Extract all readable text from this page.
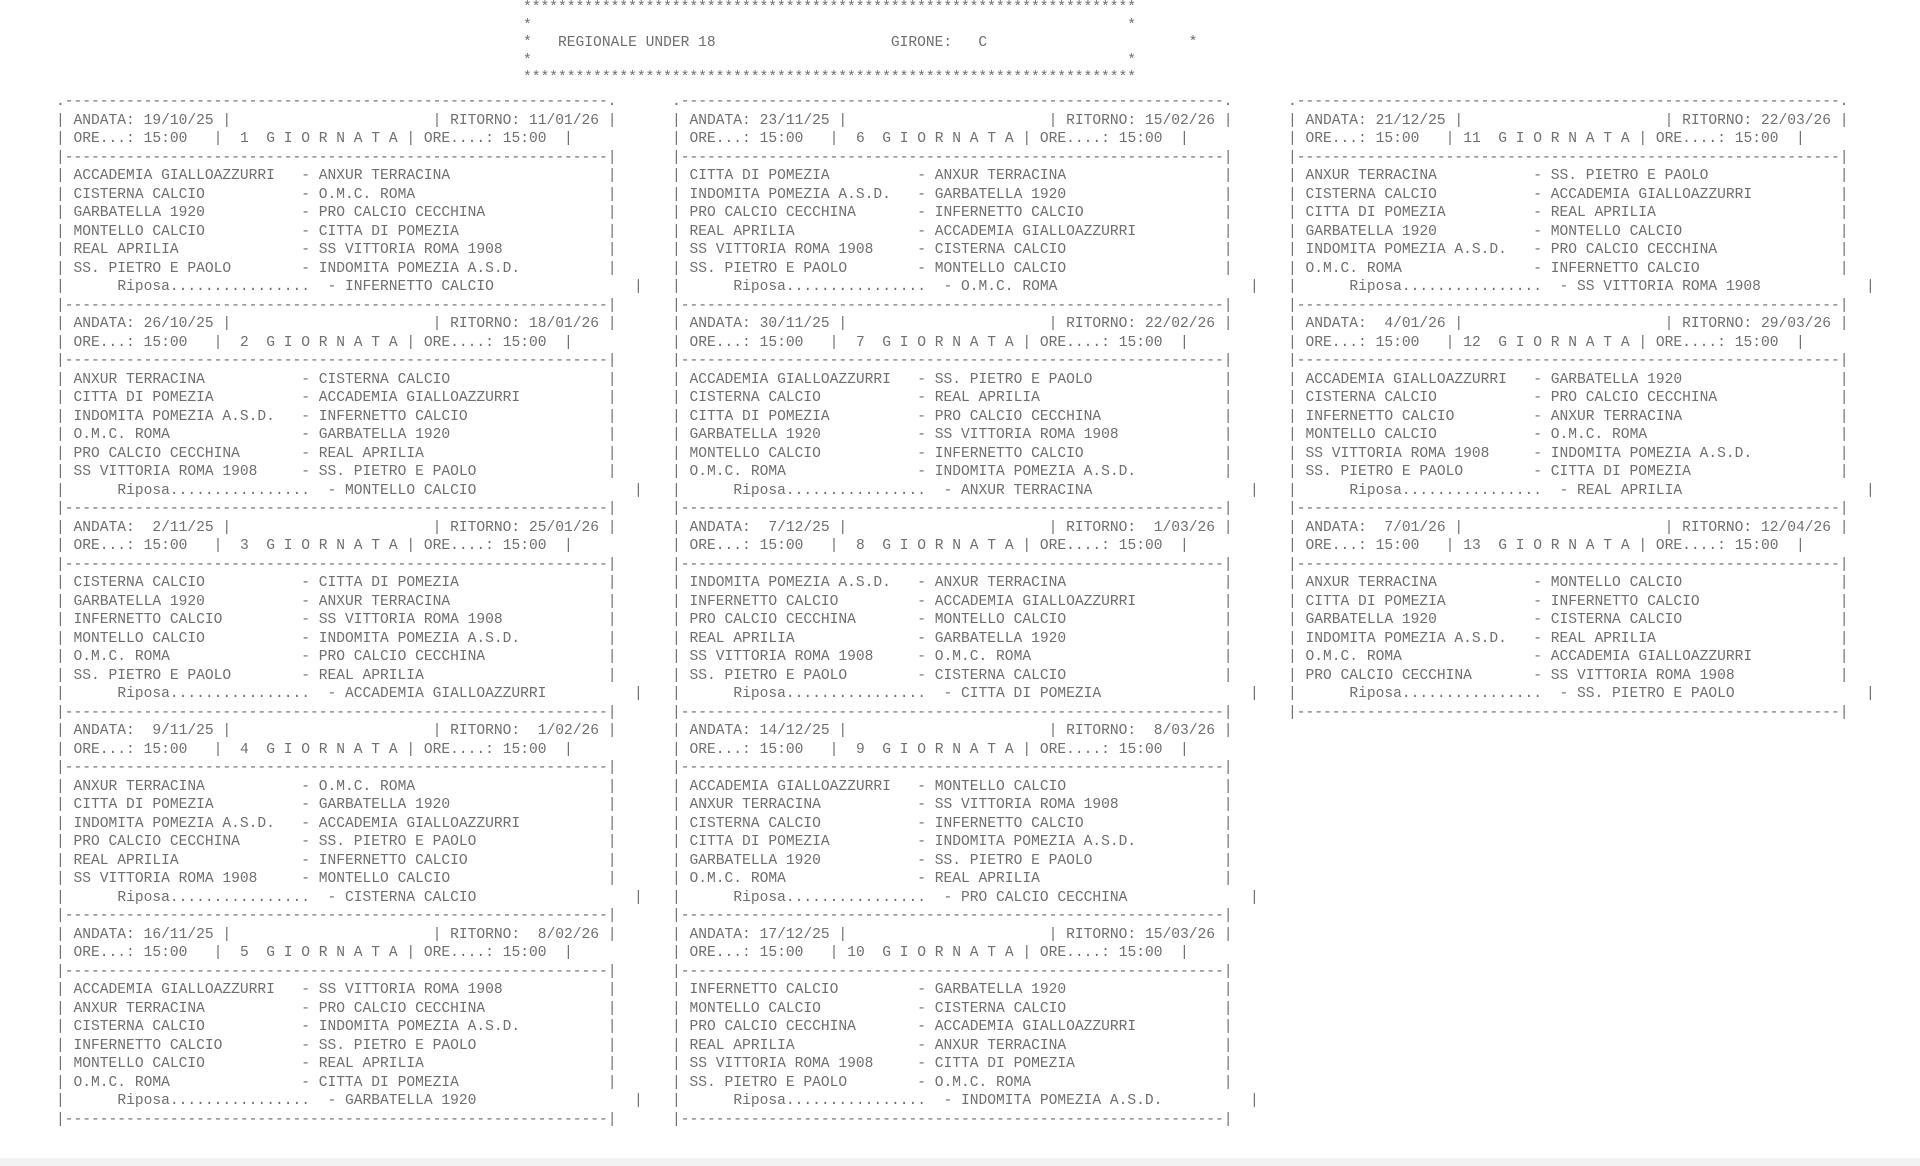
**********************************************************************
*                                                                    *
*   REGIONALE UNDER 18	GIRONE: C                       *
*                                                                    *
**********************************************************************
.--------------------------------------------------------------.
| ANDATA: 19/10/25 |                       | RITORNO: 11/01/26 |
| ORE...: 15:00   |  1 G I O R N A T A | ORE....: 15:00  |
|--------------------------------------------------------------|
| ACCADEMIA GIALLOAZZURRI   - ANXUR TERRACINA                  |
| CISTERNA CALCIO           - O.M.C. ROMA                      |
| GARBATELLA 1920           - PRO CALCIO CECCHINA              |
| MONTELLO CALCIO           - CITTA DI POMEZIA                 |
| REAL APRILIA              - SS VITTORIA ROMA 1908            |
| SS. PIETRO E PAOLO        - INDOMITA POMEZIA A.S.D.          |
|      Riposa................  - INFERNETTO CALCIO                |
|--------------------------------------------------------------|
| ANDATA: 26/10/25 |                       | RITORNO: 18/01/26 |
| ORE...: 15:00   |  2 G I O R N A T A | ORE....: 15:00  |
|--------------------------------------------------------------|
| ANXUR TERRACINA           - CISTERNA CALCIO                  |
| CITTA DI POMEZIA          - ACCADEMIA GIALLOAZZURRI          |
| INDOMITA POMEZIA A.S.D.   - INFERNETTO CALCIO                |
| O.M.C. ROMA               - GARBATELLA 1920                  |
| PRO CALCIO CECCHINA       - REAL APRILIA                     |
| SS VITTORIA ROMA 1908     - SS. PIETRO E PAOLO               |
|      Riposa................  - MONTELLO CALCIO                  |
|--------------------------------------------------------------|
| ANDATA:  2/11/25 |                       | RITORNO: 25/01/26 |
| ORE...: 15:00   |  3 G I O R N A T A | ORE....: 15:00  |
|--------------------------------------------------------------|
| CISTERNA CALCIO           - CITTA DI POMEZIA                 |
| GARBATELLA 1920           - ANXUR TERRACINA                  |
| INFERNETTO CALCIO         - SS VITTORIA ROMA 1908            |
| MONTELLO CALCIO           - INDOMITA POMEZIA A.S.D.          |
| O.M.C. ROMA               - PRO CALCIO CECCHINA              |
| SS. PIETRO E PAOLO        - REAL APRILIA                     |
|      Riposa................  - ACCADEMIA GIALLOAZZURRI          |
|--------------------------------------------------------------|
| ANDATA:  9/11/25 |                       | RITORNO:  1/02/26 |
| ORE...: 15:00   |  4 G I O R N A T A | ORE....: 15:00  |
|--------------------------------------------------------------|
| ANXUR TERRACINA           - O.M.C. ROMA                      |
| CITTA DI POMEZIA          - GARBATELLA 1920                  |
| INDOMITA POMEZIA A.S.D.   - ACCADEMIA GIALLOAZZURRI          |
| PRO CALCIO CECCHINA       - SS. PIETRO E PAOLO               |
| REAL APRILIA              - INFERNETTO CALCIO                |
| SS VITTORIA ROMA 1908     - MONTELLO CALCIO                  |
|      Riposa................  - CISTERNA CALCIO                  |
|--------------------------------------------------------------|
| ANDATA: 16/11/25 |                       | RITORNO:  8/02/26 |
| ORE...: 15:00   |  5 G I O R N A T A | ORE....: 15:00  |
|--------------------------------------------------------------|
| ACCADEMIA GIALLOAZZURRI   - SS VITTORIA ROMA 1908            |
| ANXUR TERRACINA           - PRO CALCIO CECCHINA              |
| CISTERNA CALCIO           - INDOMITA POMEZIA A.S.D.          |
| INFERNETTO CALCIO         - SS. PIETRO E PAOLO               |
| MONTELLO CALCIO           - REAL APRILIA                     |
| O.M.C. ROMA               - CITTA DI POMEZIA                 |
|      Riposa................  - GARBATELLA 1920                  |
|--------------------------------------------------------------|
.--------------------------------------------------------------.
| ANDATA: 23/11/25 |                       | RITORNO: 15/02/26 |
| ORE...: 15:00   |  6 G I O R N A T A | ORE....: 15:00  |
|--------------------------------------------------------------|
| CITTA DI POMEZIA          - ANXUR TERRACINA                  |
| INDOMITA POMEZIA A.S.D.   - GARBATELLA 1920                  |
| PRO CALCIO CECCHINA       - INFERNETTO CALCIO                |
| REAL APRILIA              - ACCADEMIA GIALLOAZZURRI          |
| SS VITTORIA ROMA 1908     - CISTERNA CALCIO                  |
| SS. PIETRO E PAOLO        - MONTELLO CALCIO                  |
|      Riposa................  - O.M.C. ROMA                      |
|--------------------------------------------------------------|
| ANDATA: 30/11/25 |                       | RITORNO: 22/02/26 |
| ORE...: 15:00   |  7 G I O R N A T A | ORE....: 15:00  |
|--------------------------------------------------------------|
| ACCADEMIA GIALLOAZZURRI   - SS. PIETRO E PAOLO               |
| CISTERNA CALCIO           - REAL APRILIA                     |
| CITTA DI POMEZIA          - PRO CALCIO CECCHINA              |
| GARBATELLA 1920           - SS VITTORIA ROMA 1908            |
| MONTELLO CALCIO           - INFERNETTO CALCIO                |
| O.M.C. ROMA               - INDOMITA POMEZIA A.S.D.          |
|      Riposa................  - ANXUR TERRACINA                  |
|--------------------------------------------------------------|
| ANDATA:  7/12/25 |                       | RITORNO:  1/03/26 |
| ORE...: 15:00   |  8 G I O R N A T A | ORE....: 15:00  |
|--------------------------------------------------------------|
| INDOMITA POMEZIA A.S.D.   - ANXUR TERRACINA                  |
| INFERNETTO CALCIO         - ACCADEMIA GIALLOAZZURRI          |
| PRO CALCIO CECCHINA       - MONTELLO CALCIO                  |
| REAL APRILIA              - GARBATELLA 1920                  |
| SS VITTORIA ROMA 1908     - O.M.C. ROMA                      |
| SS. PIETRO E PAOLO        - CISTERNA CALCIO                  |
|      Riposa................  - CITTA DI POMEZIA                 |
|--------------------------------------------------------------|
| ANDATA: 14/12/25 |                       | RITORNO:  8/03/26 |
| ORE...: 15:00   |  9 G I O R N A T A | ORE....: 15:00  |
|--------------------------------------------------------------|
| ACCADEMIA GIALLOAZZURRI   - MONTELLO CALCIO                  |
| ANXUR TERRACINA           - SS VITTORIA ROMA 1908            |
| CISTERNA CALCIO           - INFERNETTO CALCIO                |
| CITTA DI POMEZIA          - INDOMITA POMEZIA A.S.D.          |
| GARBATELLA 1920           - SS. PIETRO E PAOLO               |
| O.M.C. ROMA               - REAL APRILIA                     |
|      Riposa................  - PRO CALCIO CECCHINA              |
|--------------------------------------------------------------|
| ANDATA: 17/12/25 |                       | RITORNO: 15/03/26 |
| ORE...: 15:00   | 10 G I O R N A T A | ORE....: 15:00  |
|--------------------------------------------------------------|
| INFERNETTO CALCIO         - GARBATELLA 1920                  |
| MONTELLO CALCIO           - CISTERNA CALCIO                  |
| PRO CALCIO CECCHINA       - ACCADEMIA GIALLOAZZURRI          |
| REAL APRILIA              - ANXUR TERRACINA                  |
| SS VITTORIA ROMA 1908     - CITTA DI POMEZIA                 |
| SS. PIETRO E PAOLO        - O.M.C. ROMA                      |
|      Riposa................  - INDOMITA POMEZIA A.S.D.          |
|--------------------------------------------------------------|
.--------------------------------------------------------------.
| ANDATA: 21/12/25 |                       | RITORNO: 22/03/26 |
| ORE...: 15:00   | 11 G I O R N A T A | ORE....: 15:00  |
|--------------------------------------------------------------|
| ANXUR TERRACINA           - SS. PIETRO E PAOLO               |
| CISTERNA CALCIO           - ACCADEMIA GIALLOAZZURRI          |
| CITTA DI POMEZIA          - REAL APRILIA                     |
| GARBATELLA 1920           - MONTELLO CALCIO                  |
| INDOMITA POMEZIA A.S.D.   - PRO CALCIO CECCHINA              |
| O.M.C. ROMA               - INFERNETTO CALCIO                |
|      Riposa................  - SS VITTORIA ROMA 1908            |
|--------------------------------------------------------------|
| ANDATA:  4/01/26 |                       | RITORNO: 29/03/26 |
| ORE...: 15:00   | 12 G I O R N A T A | ORE....: 15:00  |
|--------------------------------------------------------------|
| ACCADEMIA GIALLOAZZURRI   - GARBATELLA 1920                  |
| CISTERNA CALCIO           - PRO CALCIO CECCHINA              |
| INFERNETTO CALCIO         - ANXUR TERRACINA                  |
| MONTELLO CALCIO           - O.M.C. ROMA                      |
| SS VITTORIA ROMA 1908     - INDOMITA POMEZIA A.S.D.          |
| SS. PIETRO E PAOLO        - CITTA DI POMEZIA                 |
|      Riposa................  - REAL APRILIA                     |
|--------------------------------------------------------------|
| ANDATA:  7/01/26 |                       | RITORNO: 12/04/26 |
| ORE...: 15:00   | 13 G I O R N A T A | ORE....: 15:00  |
|--------------------------------------------------------------|
| ANXUR TERRACINA           - MONTELLO CALCIO                  |
| CITTA DI POMEZIA          - INFERNETTO CALCIO                |
| GARBATELLA 1920           - CISTERNA CALCIO                  |
| INDOMITA POMEZIA A.S.D.   - REAL APRILIA                     |
| O.M.C. ROMA               - ACCADEMIA GIALLOAZZURRI          |
| PRO CALCIO CECCHINA       - SS VITTORIA ROMA 1908            |
|      Riposa................  - SS. PIETRO E PAOLO               |
|--------------------------------------------------------------|
